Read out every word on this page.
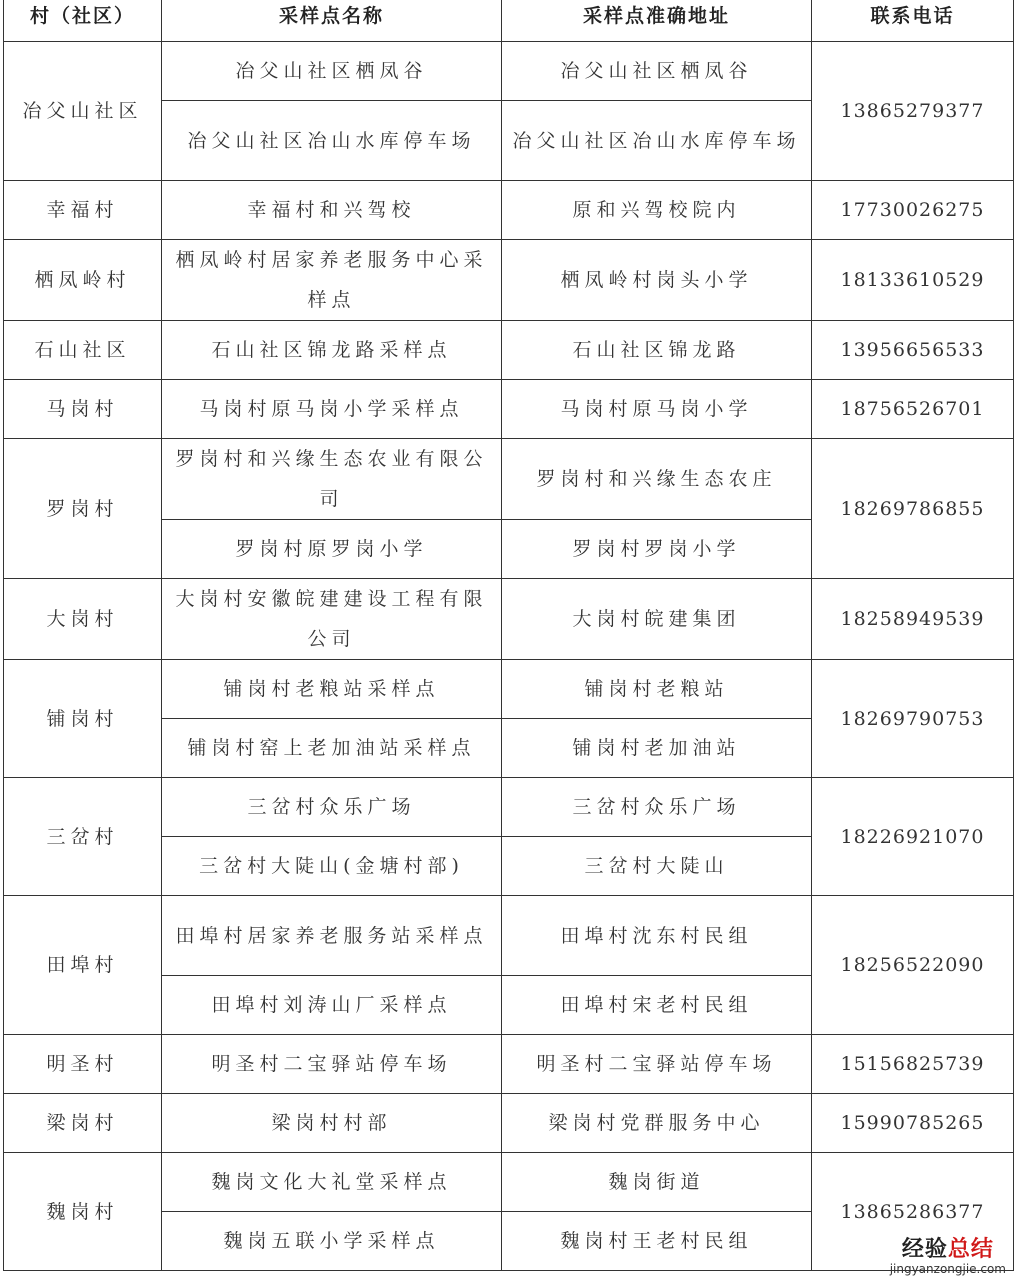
村（社区）	采样点名称	采样点准确地址	联系电话
冶父山社区	冶父山社区栖凤谷	冶父山社区栖凤谷	13865279377
	冶父山社区冶山水库停车场	冶父山社区冶山水库停车场	
幸福村	幸福村和兴驾校	原和兴驾校院内	17730026275
栖凤岭村	栖凤岭村居家养老服务中心采样点	栖凤岭村岗头小学	18133610529
石山社区	石山社区锦龙路采样点	石山社区锦龙路	13956656533
马岗村	马岗村原马岗小学采样点	马岗村原马岗小学	18756526701
罗岗村	罗岗村和兴缘生态农业有限公司	罗岗村和兴缘生态农庄	18269786855
	罗岗村原罗岗小学	罗岗村罗岗小学	
大岗村	大岗村安徽皖建建设工程有限公司	大岗村皖建集团	18258949539
铺岗村	铺岗村老粮站采样点	铺岗村老粮站	18269790753
	铺岗村窑上老加油站采样点	铺岗村老加油站	
三岔村	三岔村众乐广场	三岔村众乐广场	18226921070
	三岔村大陡山(金塘村部)	三岔村大陡山	
田埠村	田埠村居家养老服务站采样点	田埠村沈东村民组	18256522090
	田埠村刘涛山厂采样点	田埠村宋老村民组	
明圣村	明圣村二宝驿站停车场	明圣村二宝驿站停车场	15156825739
梁岗村	梁岗村村部	梁岗村党群服务中心	15990785265
魏岗村	魏岗文化大礼堂采样点	魏岗街道	13865286377
	魏岗五联小学采样点	魏岗村王老村民组		经验总结
jingyanzongjie.com
